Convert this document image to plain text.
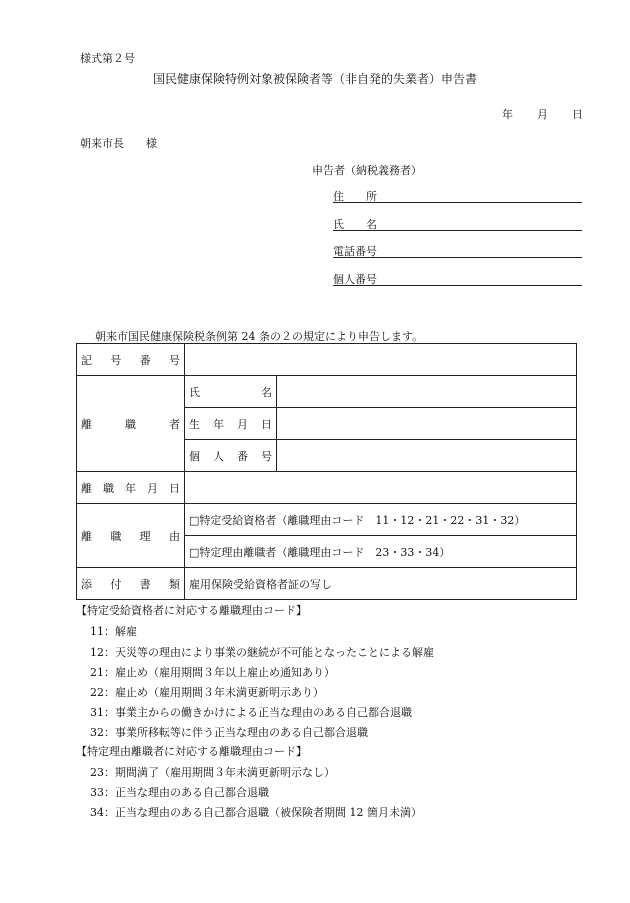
様式第２号
国民健康保険特例対象被保険者等（非自発的失業者）申告書
年 月 日
朝来市長　　様
申告者（納税義務者）
住　　所
氏　　名
電話番号
個人番号
朝来市国民健康保険税条例第 24 条の２の規定により申告します。
記 号 番 号		

離 職 者	氏 名	

	生 年 月 日	

	個 人 番 号	

離 職 年 月 日		

離 職 理 由	□特定受給資格者（離職理由コード　11・12・21・22・31・32）	
	□特定理由離職者（離職理由コード　23・33・34）	

添 付 書 類	雇用保険受給資格者証の写し	
【特定受給資格者に対応する離職理由コード】
11：解雇
12：天災等の理由により事業の継続が不可能となったことによる解雇
21：雇止め（雇用期間３年以上雇止め通知あり）
22：雇止め（雇用期間３年未満更新明示あり）
31：事業主からの働きかけによる正当な理由のある自己都合退職
32：事業所移転等に伴う正当な理由のある自己都合退職
【特定理由離職者に対応する離職理由コード】
23：期間満了（雇用期間３年未満更新明示なし）
33：正当な理由のある自己都合退職
34：正当な理由のある自己都合退職（被保険者期間 12 箇月未満）
